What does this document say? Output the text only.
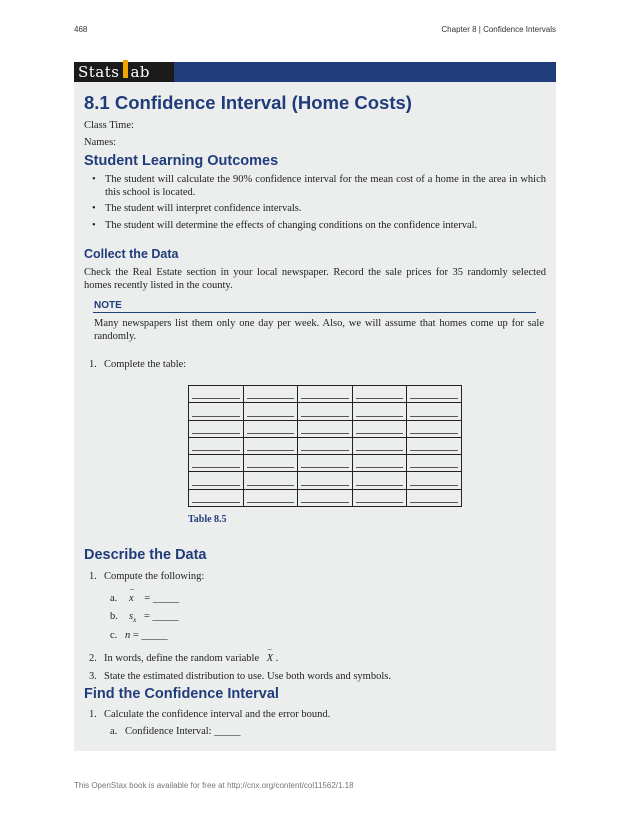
468	Chapter 8 | Confidence Intervals
Stats ab
8.1 Confidence Interval (Home Costs)
Class Time:
Names:
Student Learning Outcomes
• The student will calculate the 90% confidence interval for the mean cost of a home in the area in which this school is located.
• The student will interpret confidence intervals.
• The student will determine the effects of changing conditions on the confidence interval.
Collect the Data
Check the Real Estate section in your local newspaper. Record the sale prices for 35 randomly selected homes recently listed in the county.
NOTE
Many newspapers list them only one day per week. Also, we will assume that homes come up for sale randomly.
1. Complete the table:

Table 8.5
Describe the Data
1. Compute the following:
a.
–
x = _____
b. $s_x$ = _____
c. n = _____
2. In words, define the random variable
–
X .
3. State the estimated distribution to use. Use both words and symbols.
Find the Confidence Interval
1. Calculate the confidence interval and the error bound.
a. Confidence Interval: _____
This OpenStax book is available for free at http://cnx.org/content/col11562/1.18
